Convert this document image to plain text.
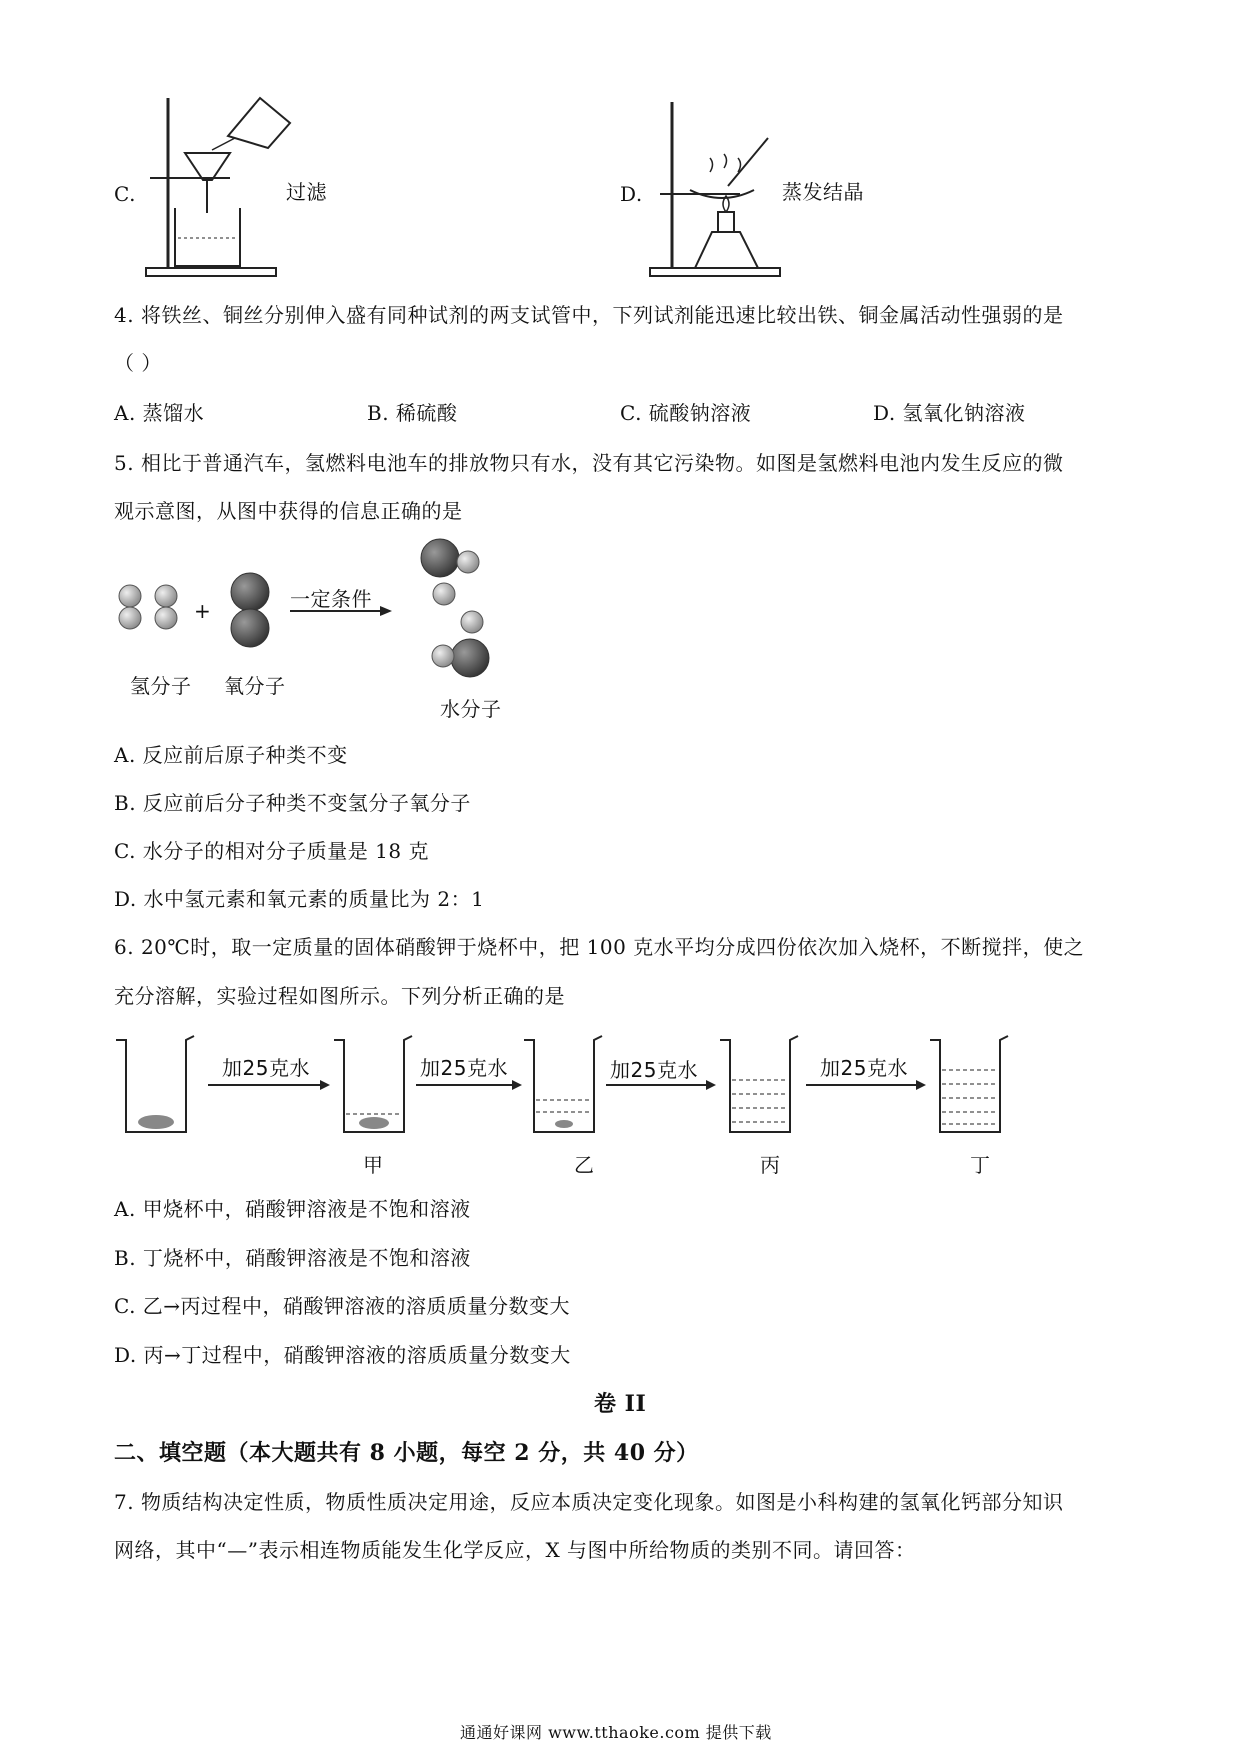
C.	过滤	D.	蒸发结晶
4. 将铁丝、铜丝分别伸入盛有同种试剂的两支试管中，下列试剂能迅速比较出铁、铜金属活动性强弱的是
（ ）
A. 蒸馏水	B. 稀硫酸	C. 硫酸钠溶液	D. 氢氧化钠溶液
5. 相比于普通汽车，氢燃料电池车的排放物只有水，没有其它污染物。如图是氢燃料电池内发生反应的微
观示意图，从图中获得的信息正确的是
+	一定条件
氢分子 氧分子
水分子
A. 反应前后原子种类不变
B. 反应前后分子种类不变氢分子氧分子
C. 水分子的相对分子质量是 18 克
D. 水中氢元素和氧元素的质量比为 2：1
6. 20℃时，取一定质量的固体硝酸钾于烧杯中，把 100 克水平均分成四份依次加入烧杯，不断搅拌，使之
充分溶解，实验过程如图所示。下列分析正确的是
加25克水	加25克水	加25克水	加25克水
甲	乙	丙	丁
A. 甲烧杯中，硝酸钾溶液是不饱和溶液
B. 丁烧杯中，硝酸钾溶液是不饱和溶液
C. 乙→丙过程中，硝酸钾溶液的溶质质量分数变大
D. 丙→丁过程中，硝酸钾溶液的溶质质量分数变大
卷 II
二、填空题（本大题共有 8 小题，每空 2 分，共 40 分）
7. 物质结构决定性质，物质性质决定用途，反应本质决定变化现象。如图是小科构建的氢氧化钙部分知识
网络，其中“—”表示相连物质能发生化学反应，X 与图中所给物质的类别不同。请回答：
通通好课网 www.tthaoke.com 提供下载
